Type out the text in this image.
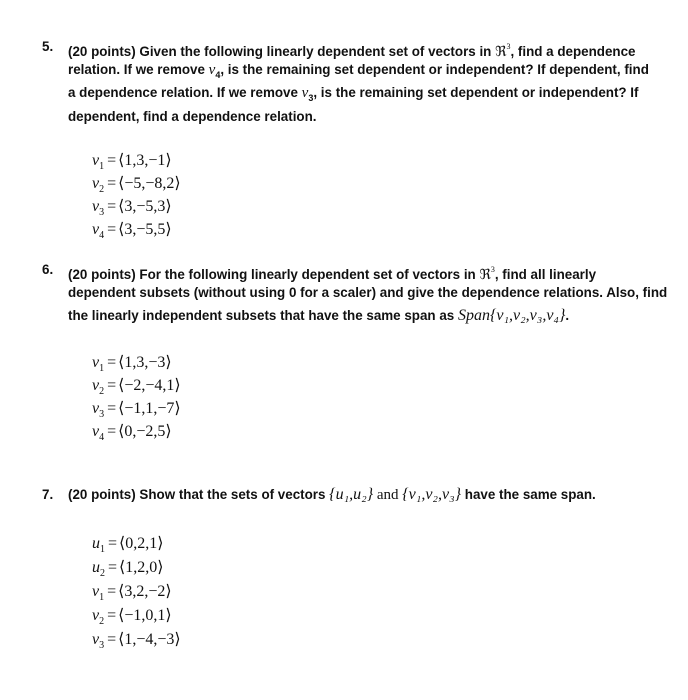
5. (20 points) Given the following linearly dependent set of vectors in ℜ$^3$, find a dependence
relation. If we remove $v_4$, is the remaining set dependent or independent? If dependent, find
a dependence relation. If we remove $v_3$, is the remaining set dependent or independent? If
dependent, find a dependence relation.
$v_1$ = ⟨1,3,−1⟩
$v_2$ = ⟨−5,−8,2⟩
$v_3$ = ⟨3,−5,3⟩
$v_4$ = ⟨3,−5,5⟩
6. (20 points) For the following linearly dependent set of vectors in ℜ$^3$, find all linearly
dependent subsets (without using 0 for a scaler) and give the dependence relations. Also, find
the linearly independent subsets that have the same span as Span{v₁,v₂,v₃,v₄}.
$v_1$ = ⟨1,3,−3⟩
$v_2$ = ⟨−2,−4,1⟩
$v_3$ = ⟨−1,1,−7⟩
$v_4$ = ⟨0,−2,5⟩
7. (20 points) Show that the sets of vectors {u₁,u₂} and {v₁,v₂,v₃} have the same span.
$u_1$ = ⟨0,2,1⟩
$u_2$ = ⟨1,2,0⟩
$v_1$ = ⟨3,2,−2⟩
$v_2$ = ⟨−1,0,1⟩
$v_3$ = ⟨1,−4,−3⟩
